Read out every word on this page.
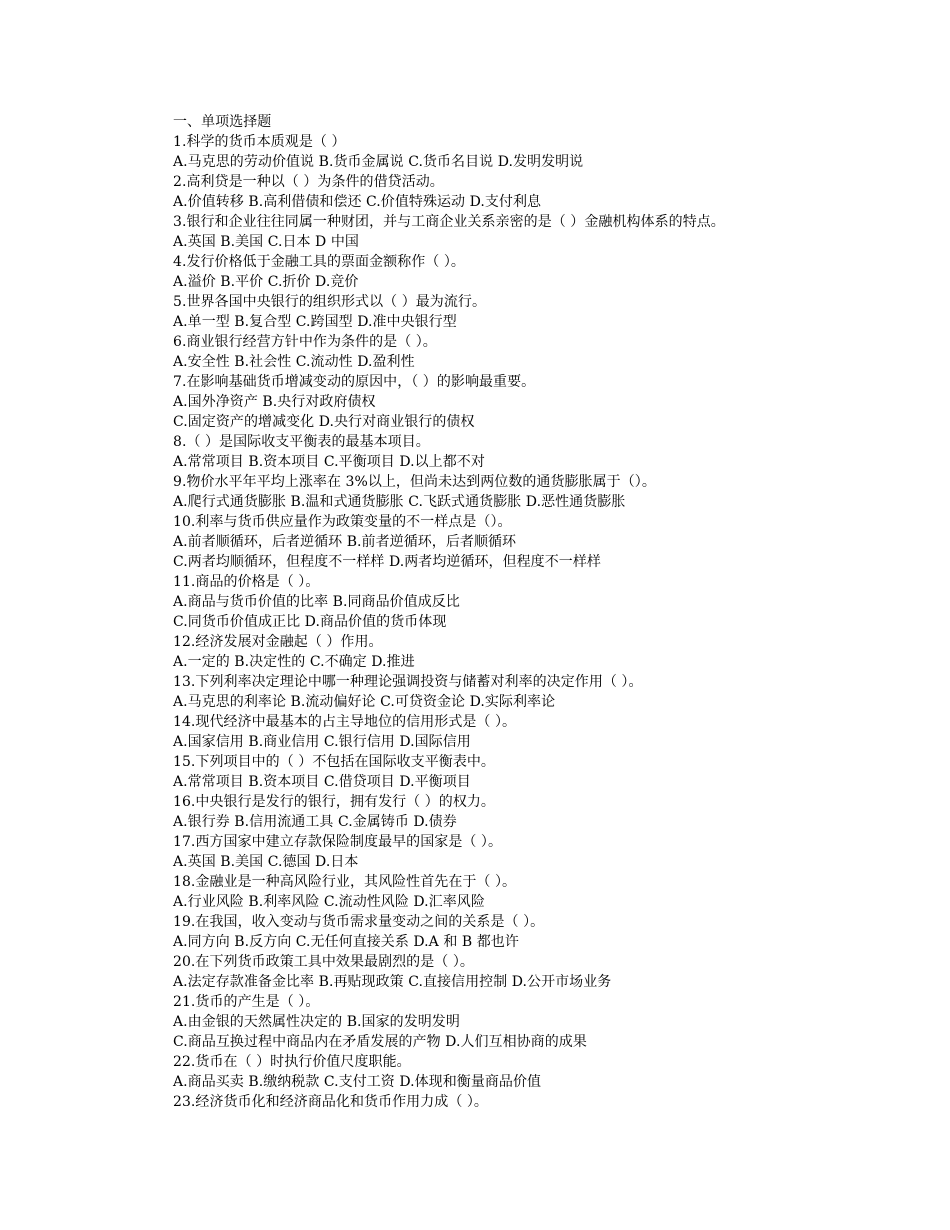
一、单项选择题
1.科学的货币本质观是（ ）
A.马克思的劳动价值说 B.货币金属说 C.货币名目说 D.发明发明说
2.高利贷是一种以（ ）为条件的借贷活动。
A.价值转移 B.高利借债和偿还 C.价值特殊运动 D.支付利息
3.银行和企业往往同属一种财团，并与工商企业关系亲密的是（ ）金融机构体系的特点。
A.英国 B.美国 C.日本 D 中国
4.发行价格低于金融工具的票面金额称作（ ）。
A.溢价 B.平价 C.折价 D.竞价
5.世界各国中央银行的组织形式以（ ）最为流行。
A.单一型 B.复合型 C.跨国型 D.准中央银行型
6.商业银行经营方针中作为条件的是（ ）。
A.安全性 B.社会性 C.流动性 D.盈利性
7.在影响基础货币增减变动的原因中，（ ）的影响最重要。
A.国外净资产 B.央行对政府债权
C.固定资产的增减变化 D.央行对商业银行的债权
8.（ ）是国际收支平衡表的最基本项目。
A.常常项目 B.资本项目 C.平衡项目 D.以上都不对
9.物价水平年平均上涨率在 3%以上，但尚未达到两位数的通货膨胀属于（）。
A.爬行式通货膨胀 B.温和式通货膨胀 C.飞跃式通货膨胀 D.恶性通货膨胀
10.利率与货币供应量作为政策变量的不一样点是（）。
A.前者顺循环，后者逆循环 B.前者逆循环，后者顺循环
C.两者均顺循环，但程度不一样样 D.两者均逆循环，但程度不一样样
11.商品的价格是（ ）。
A.商品与货币价值的比率 B.同商品价值成反比
C.同货币价值成正比 D.商品价值的货币体现
12.经济发展对金融起（ ）作用。
A.一定的 B.决定性的 C.不确定 D.推进
13.下列利率决定理论中哪一种理论强调投资与储蓄对利率的决定作用（ ）。
A.马克思的利率论 B.流动偏好论 C.可贷资金论 D.实际利率论
14.现代经济中最基本的占主导地位的信用形式是（ ）。
A.国家信用 B.商业信用 C.银行信用 D.国际信用
15.下列项目中的（ ）不包括在国际收支平衡表中。
A.常常项目 B.资本项目 C.借贷项目 D.平衡项目
16.中央银行是发行的银行，拥有发行（ ）的权力。
A.银行券 B.信用流通工具 C.金属铸币 D.债券
17.西方国家中建立存款保险制度最早的国家是（ ）。
A.英国 B.美国 C.德国 D.日本
18.金融业是一种高风险行业，其风险性首先在于（ ）。
A.行业风险 B.利率风险 C.流动性风险 D.汇率风险
19.在我国，收入变动与货币需求量变动之间的关系是（ ）。
A.同方向 B.反方向 C.无任何直接关系 D.A 和 B 都也许
20.在下列货币政策工具中效果最剧烈的是（ ）。
A.法定存款准备金比率 B.再贴现政策 C.直接信用控制 D.公开市场业务
21.货币的产生是（ ）。
A.由金银的天然属性决定的 B.国家的发明发明
C.商品互换过程中商品内在矛盾发展的产物 D.人们互相协商的成果
22.货币在（ ）时执行价值尺度职能。
A.商品买卖 B.缴纳税款 C.支付工资 D.体现和衡量商品价值
23.经济货币化和经济商品化和货币作用力成（ ）。
